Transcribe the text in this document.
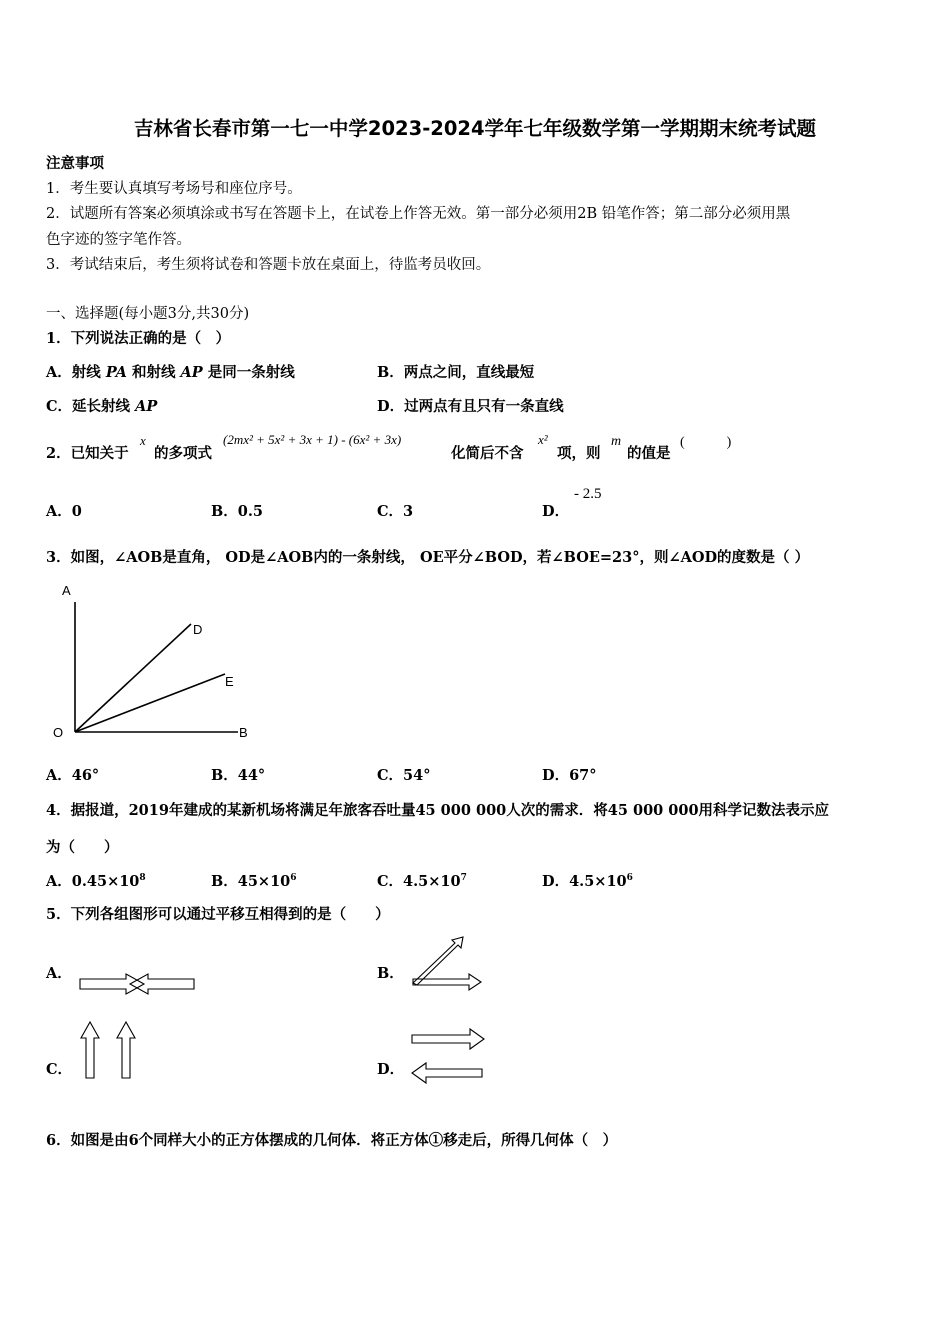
吉林省长春市第一七一中学2023-2024学年七年级数学第一学期期末统考试题
注意事项
1．考生要认真填写考场号和座位序号。
2．试题所有答案必须填涂或书写在答题卡上，在试卷上作答无效。第一部分必须用2B 铅笔作答；第二部分必须用黑
色字迹的签字笔作答。
3．考试结束后，考生须将试卷和答题卡放在桌面上，待监考员收回。
一、选择题(每小题3分,共30分)
1．下列说法正确的是（　）
A．射线 PA 和射线 AP 是同一条射线	B．两点之间，直线最短
C．延长射线 AP	D．过两点有且只有一条直线
2．已知关于
x
的多项式
(2mx² + 5x² + 3x + 1) - (6x² + 3x)
化简后不含
x²
项，则
m
的值是
(　　　)
A．0	B．0.5	C．3	D．
- 2.5
3．如图，∠AOB是直角， OD是∠AOB内的一条射线， OE平分∠BOD，若∠BOE=23°，则∠AOD的度数是（ ）
A
D
E
O	B
A．46°	B．44°	C．54°	D．67°
4．据报道，2019年建成的某新机场将满足年旅客吞吐量45 000 000人次的需求．将45 000 000用科学记数法表示应
为（　　）
A．$0.45\times 10^8$	B．$45\times 10^6$	C．$4.5\times 10^7$	D．$4.5\times 10^6$
5．下列各组图形可以通过平移互相得到的是（　　）
A．	B．
C．	D．
6．如图是由6个同样大小的正方体摆成的几何体．将正方体①移走后，所得几何体（　）
